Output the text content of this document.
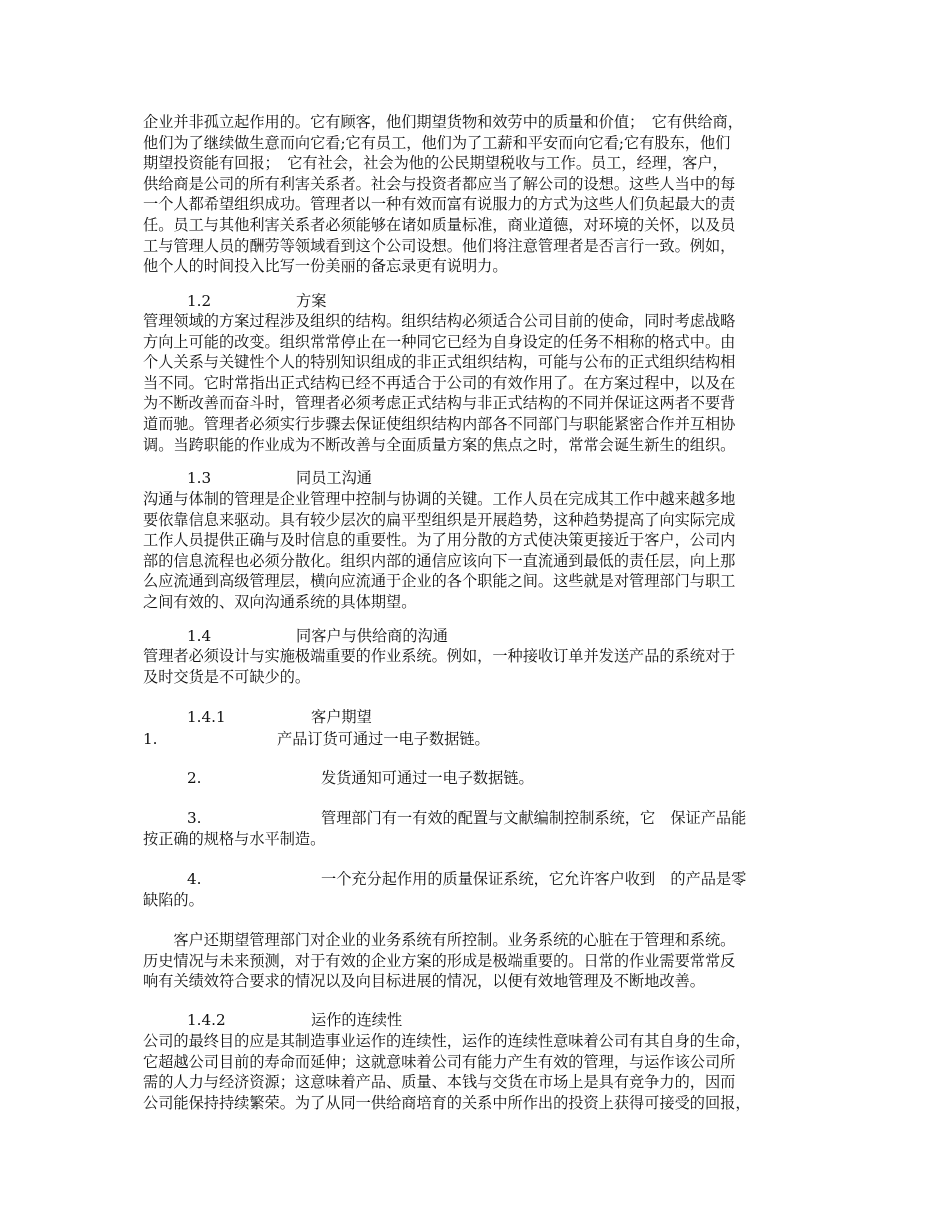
企业并非孤立起作用的。它有顾客，他们期望货物和效劳中的质量和价值；　它有供给商，
他们为了继续做生意而向它看;它有员工，他们为了工薪和平安而向它看;它有股东，他们
期望投资能有回报；　它有社会，社会为他的公民期望税收与工作。员工，经理，客户，
供给商是公司的所有利害关系者。社会与投资者都应当了解公司的设想。这些人当中的每
一个人都希望组织成功。管理者以一种有效而富有说服力的方式为这些人们负起最大的责
任。员工与其他利害关系者必须能够在诸如质量标准，商业道德，对环境的关怀，以及员
工与管理人员的酬劳等领域看到这个公司设想。他们将注意管理者是否言行一致。例如，
他个人的时间投入比写一份美丽的备忘录更有说明力。
1.2	方案
管理领域的方案过程涉及组织的结构。组织结构必须适合公司目前的使命，同时考虑战略
方向上可能的改变。组织常常停止在一种同它已经为自身设定的任务不相称的格式中。由
个人关系与关键性个人的特别知识组成的非正式组织结构，可能与公布的正式组织结构相
当不同。它时常指出正式结构已经不再适合于公司的有效作用了。在方案过程中，以及在
为不断改善而奋斗时，管理者必须考虑正式结构与非正式结构的不同并保证这两者不要背
道而驰。管理者必须实行步骤去保证使组织结构内部各不同部门与职能紧密合作并互相协
调。当跨职能的作业成为不断改善与全面质量方案的焦点之时，常常会诞生新生的组织。
1.3	同员工沟通
沟通与体制的管理是企业管理中控制与协调的关键。工作人员在完成其工作中越来越多地
要依靠信息来驱动。具有较少层次的扁平型组织是开展趋势，这种趋势提高了向实际完成
工作人员提供正确与及时信息的重要性。为了用分散的方式使决策更接近于客户，公司内
部的信息流程也必须分散化。组织内部的通信应该向下一直流通到最低的责任层，向上那
么应流通到高级管理层，横向应流通于企业的各个职能之间。这些就是对管理部门与职工
之间有效的、双向沟通系统的具体期望。
1.4	同客户与供给商的沟通
管理者必须设计与实施极端重要的作业系统。例如，一种接收订单并发送产品的系统对于
及时交货是不可缺少的。
1.4.1	客户期望
1.	产品订货可通过一电子数据链。
2.	发货通知可通过一电子数据链。
3.	管理部门有一有效的配置与文献编制控制系统，它　保证产品能
按正确的规格与水平制造。
4.	一个充分起作用的质量保证系统，它允许客户收到　的产品是零
缺陷的。
　　客户还期望管理部门对企业的业务系统有所控制。业务系统的心脏在于管理和系统。
历史情况与未来预测，对于有效的企业方案的形成是极端重要的。日常的作业需要常常反
响有关绩效符合要求的情况以及向目标进展的情况，以便有效地管理及不断地改善。
1.4.2	运作的连续性
公司的最终目的应是其制造事业运作的连续性，运作的连续性意味着公司有其自身的生命，
它超越公司目前的寿命而延伸；这就意味着公司有能力产生有效的管理，与运作该公司所
需的人力与经济资源；这意味着产品、质量、本钱与交货在市场上是具有竞争力的，因而
公司能保持持续繁荣。为了从同一供给商培育的关系中所作出的投资上获得可接受的回报，
